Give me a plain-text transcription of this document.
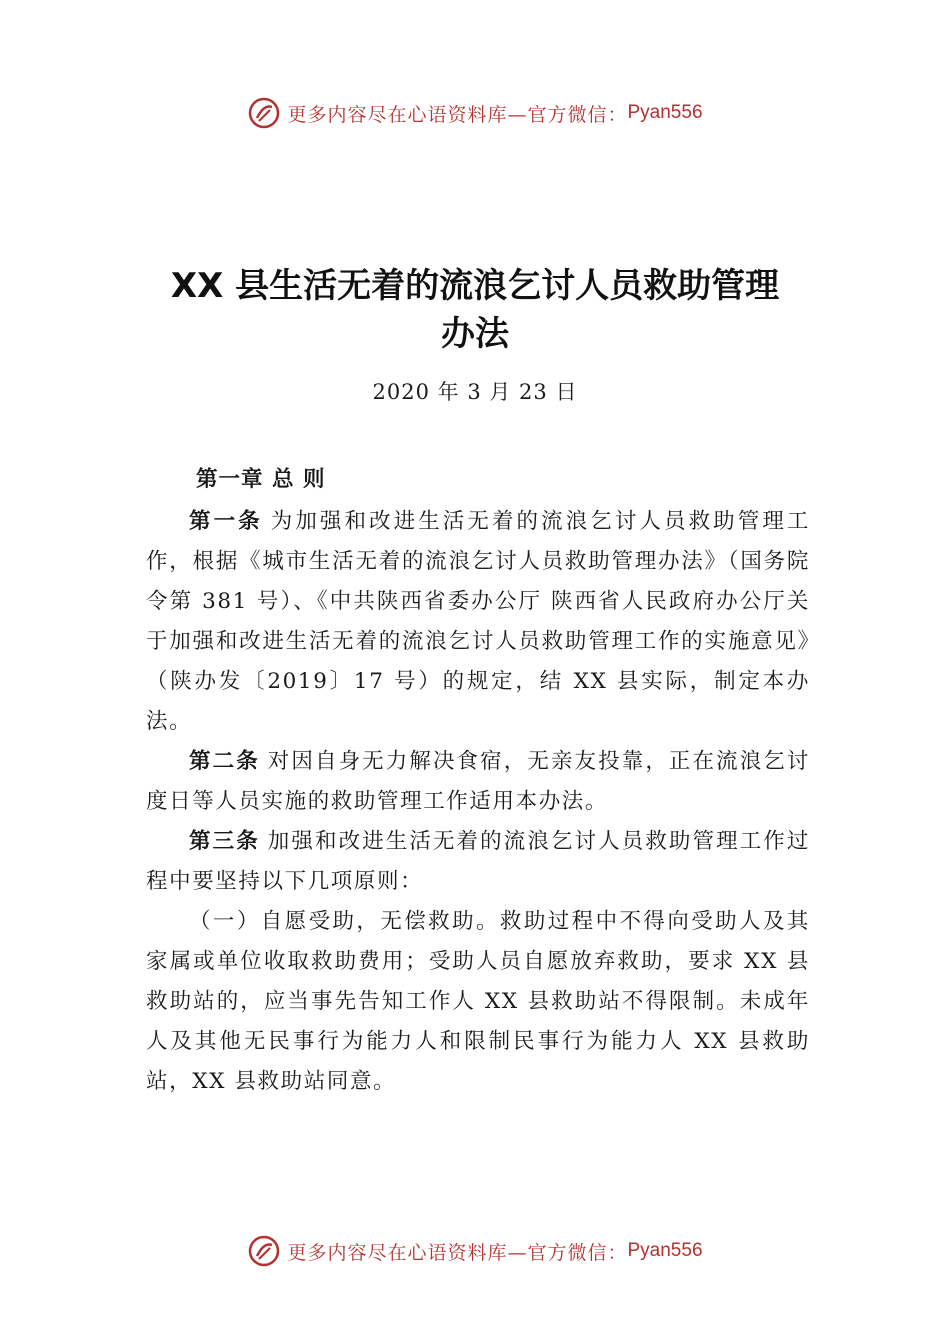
更多内容尽在心语资料库—官方微信： Pyan556
XX 县生活无着的流浪乞讨人员救助管理
办法
2020 年 3 月 23 日
第一章 总 则

第一条 为加强和改进生活无着的流浪乞讨人员救助管理工作，根据《城市生活无着的流浪乞讨人员救助管理办法》（国务院令第 381 号）、《中共陕西省委办公厅 陕西省人民政府办公厅关于加强和改进生活无着的流浪乞讨人员救助管理工作的实施意见》（陕办发〔2019〕17 号）的规定，结 XX 县实际，制定本办法。

第二条 对因自身无力解决食宿，无亲友投靠，正在流浪乞讨度日等人员实施的救助管理工作适用本办法。

第三条 加强和改进生活无着的流浪乞讨人员救助管理工作过程中要坚持以下几项原则：

（一）自愿受助，无偿救助。救助过程中不得向受助人及其家属或单位收取救助费用；受助人员自愿放弃救助，要求 XX 县救助站的，应当事先告知工作人 XX 县救助站不得限制。未成年人及其他无民事行为能力人和限制民事行为能力人 XX 县救助站，XX 县救助站同意。

更多内容尽在心语资料库—官方微信： Pyan556
